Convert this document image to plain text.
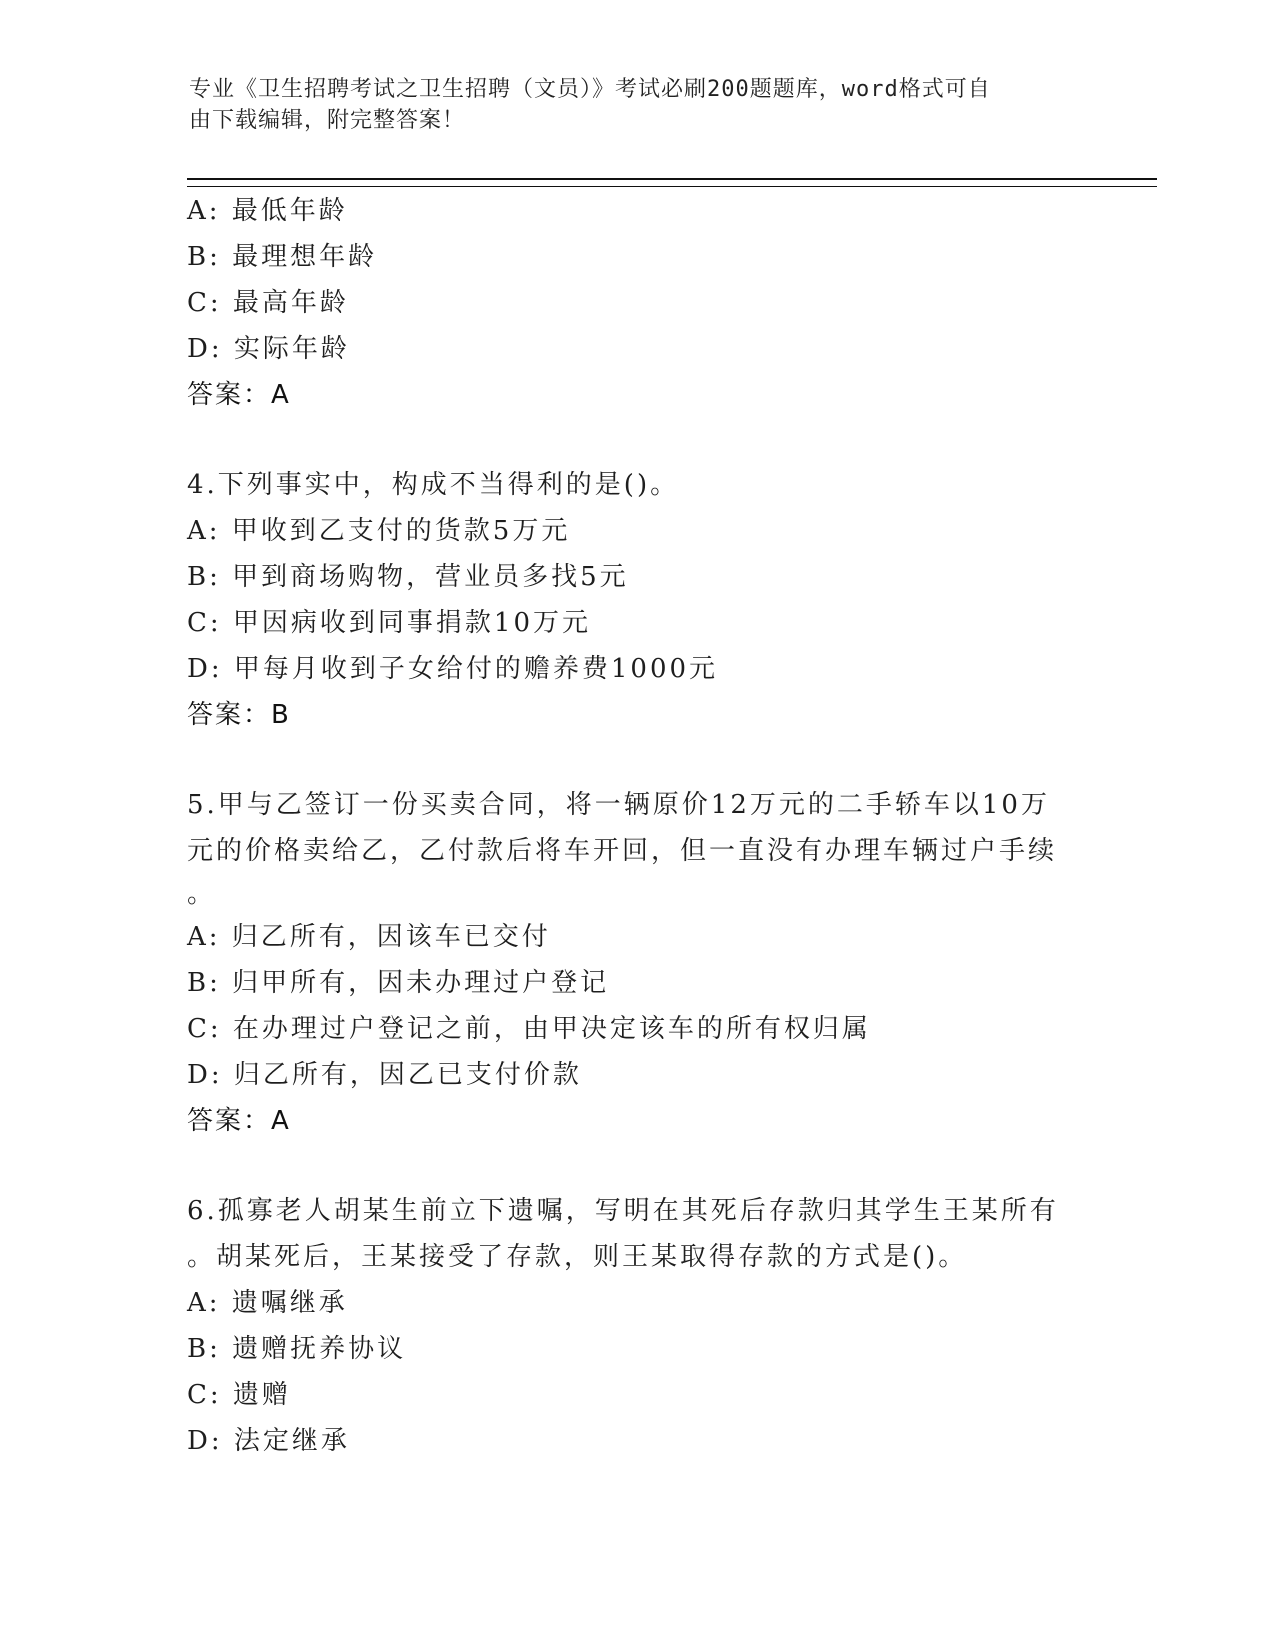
专业《卫生招聘考试之卫生招聘（文员）》考试必刷200题题库，word格式可自
由下载编辑，附完整答案！
A: 最低年龄
B: 最理想年龄
C: 最高年龄
D: 实际年龄
答案：A
4.下列事实中，构成不当得利的是()。
A: 甲收到乙支付的货款5万元
B: 甲到商场购物，营业员多找5元
C: 甲因病收到同事捐款10万元
D: 甲每月收到子女给付的赡养费1000元
答案：B
5.甲与乙签订一份买卖合同，将一辆原价12万元的二手轿车以10万
元的价格卖给乙，乙付款后将车开回，但一直没有办理车辆过户手续
。
A: 归乙所有，因该车已交付
B: 归甲所有，因未办理过户登记
C: 在办理过户登记之前，由甲决定该车的所有权归属
D: 归乙所有，因乙已支付价款
答案：A
6.孤寡老人胡某生前立下遗嘱，写明在其死后存款归其学生王某所有
。胡某死后，王某接受了存款，则王某取得存款的方式是()。
A: 遗嘱继承
B: 遗赠抚养协议
C: 遗赠
D: 法定继承
